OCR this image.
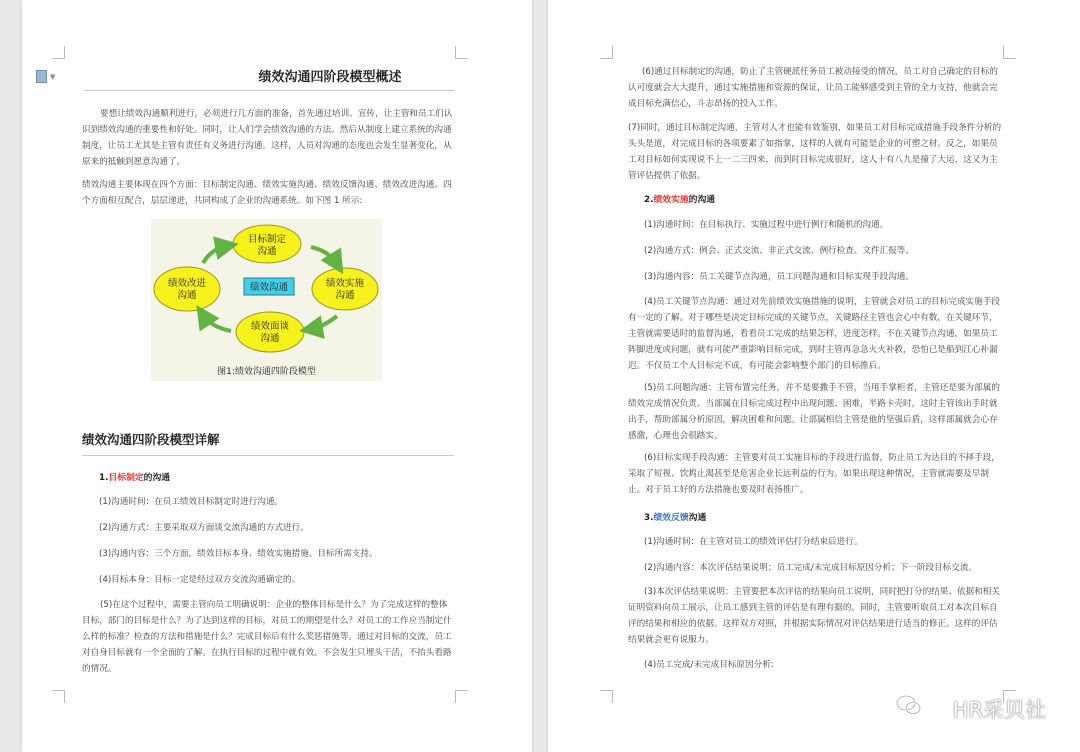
▼	绩效沟通四阶段模型概述

要想让绩效沟通顺利进行，必须进行几方面的准备，首先通过培训、宣传，让主管和员工们认识到绩效沟通的重要性和好处。同时，让人们学会绩效沟通的方法。然后从制度上建立系统的沟通制度，让员工尤其是主管有责任有义务进行沟通。这样，人员对沟通的态度也会发生显著变化，从原来的抵触到愿意沟通了。

绩效沟通主要体现在四个方面：目标制定沟通、绩效实施沟通、绩效反馈沟通、绩效改进沟通。四个方面相互配合，层层递进，共同构成了企业的沟通系统。如下图 1 所示:

目标制定
沟通
绩效实施
沟通
绩效面谈
沟通
绩效改进
沟通
绩效沟通
图1:绩效沟通四阶段模型
绩效沟通四阶段模型详解
1.目标制定的沟通
(1)沟通时间：在员工绩效目标制定时进行沟通。
(2)沟通方式：主要采取双方面谈交流沟通的方式进行。
(3)沟通内容：三个方面，绩效目标本身、绩效实施措施、目标所需支持。
(4)目标本身：目标一定是经过双方交流沟通确定的。

(5)在这个过程中，需要主管向员工明确说明：企业的整体目标是什么？为了完成这样的整体目标，部门的目标是什么？为了达到这样的目标，对员工的期望是什么？对员工的工作应当制定什么样的标准？检查的方法和措施是什么？完成目标后有什么奖惩措施等。通过对目标的交流，员工对自身目标就有一个全面的了解。在执行目标的过程中就有效。不会发生只埋头干活，不抬头看路的情况。

(6)通过目标制定的沟通，防止了主管硬派任务员工被动接受的情况，员工对自己确定的目标的认可度就会大大提升，通过实施措施和资源的保证，让员工能够感受到主管的全力支持，他就会完成目标充满信心，斗志昂扬的投入工作。

(7)同时，通过目标制定沟通，主管对人才也能有效鉴别，如果员工对目标完成措施手段条件分析的头头是道，对完成目标的各项要素了如指掌，这样的人就有可能是企业的可塑之材。反之，如果员工对目标如何实现说不上一二三四来，而到时目标完成很好，这人十有八九是撞了大运，这又为主管评估提供了依据。

2.绩效实施的沟通
(1)沟通时间：在目标执行、实施过程中进行例行和随机的沟通。
(2)沟通方式：例会、正式交流、非正式交流、例行检查、文件汇报等。
(3)沟通内容：员工关键节点沟通，员工问题沟通和目标实现手段沟通。

(4)员工关键节点沟通：通过对先前绩效实施措施的说明，主管就会对员工的目标完成实施手段有一定的了解。对于哪些是决定目标完成的关键节点，关键路径主管也会心中有数，在关键环节，主管就需要适时的监督沟通，看看员工完成的结果怎样，进度怎样。不在关键节点沟通，如果员工阵脚进度或问题，就有可能严重影响目标完成，到时主管再急急火火补救，恐怕已是船到江心补漏迟。不仅员工个人目标完不成，有可能会影响整个部门的目标推后。

(5)员工问题沟通：主管布置完任务，并不是要撒手不管，当甩手掌柜者，主管还是要为部属的绩效完成情况负责。当部属在目标完成过程中出现问题、困难，半路卡壳时，这时主管该出手时就出手，帮助部属分析原因，解决困难和问题。让部属相信主管是他的坚强后盾，这样部属就会心存感激，心理也会很踏实。

(6)目标实现手段沟通：主管要对员工实施目标的手段进行监督，防止员工为达目的不择手段，采取了短视、饮鸩止渴甚至是危害企业长远利益的行为。如果出现这种情况，主管就需要及早制止。对于员工好的方法措施也要及时表扬推广。

3.绩效反馈沟通
(1)沟通时间：在主管对员工的绩效评估打分结束后进行。
(2)沟通内容：本次评估结果说明；员工完成/未完成目标原因分析；下一阶段目标交流。

(3)本次评估结果说明：主管要把本次评估的结果向员工说明，同时把打分的结果、依据和相关证明资料向员工展示，让员工感到主管的评估是有理有据的。同时，主管要听取员工对本次目标自评的结果和相应的依据。这样双方对照，并根据实际情况对评估结果进行适当的修正。这样的评估结果就会更有说服力。

(4)员工完成/未完成目标原因分析:
HR采贝社
